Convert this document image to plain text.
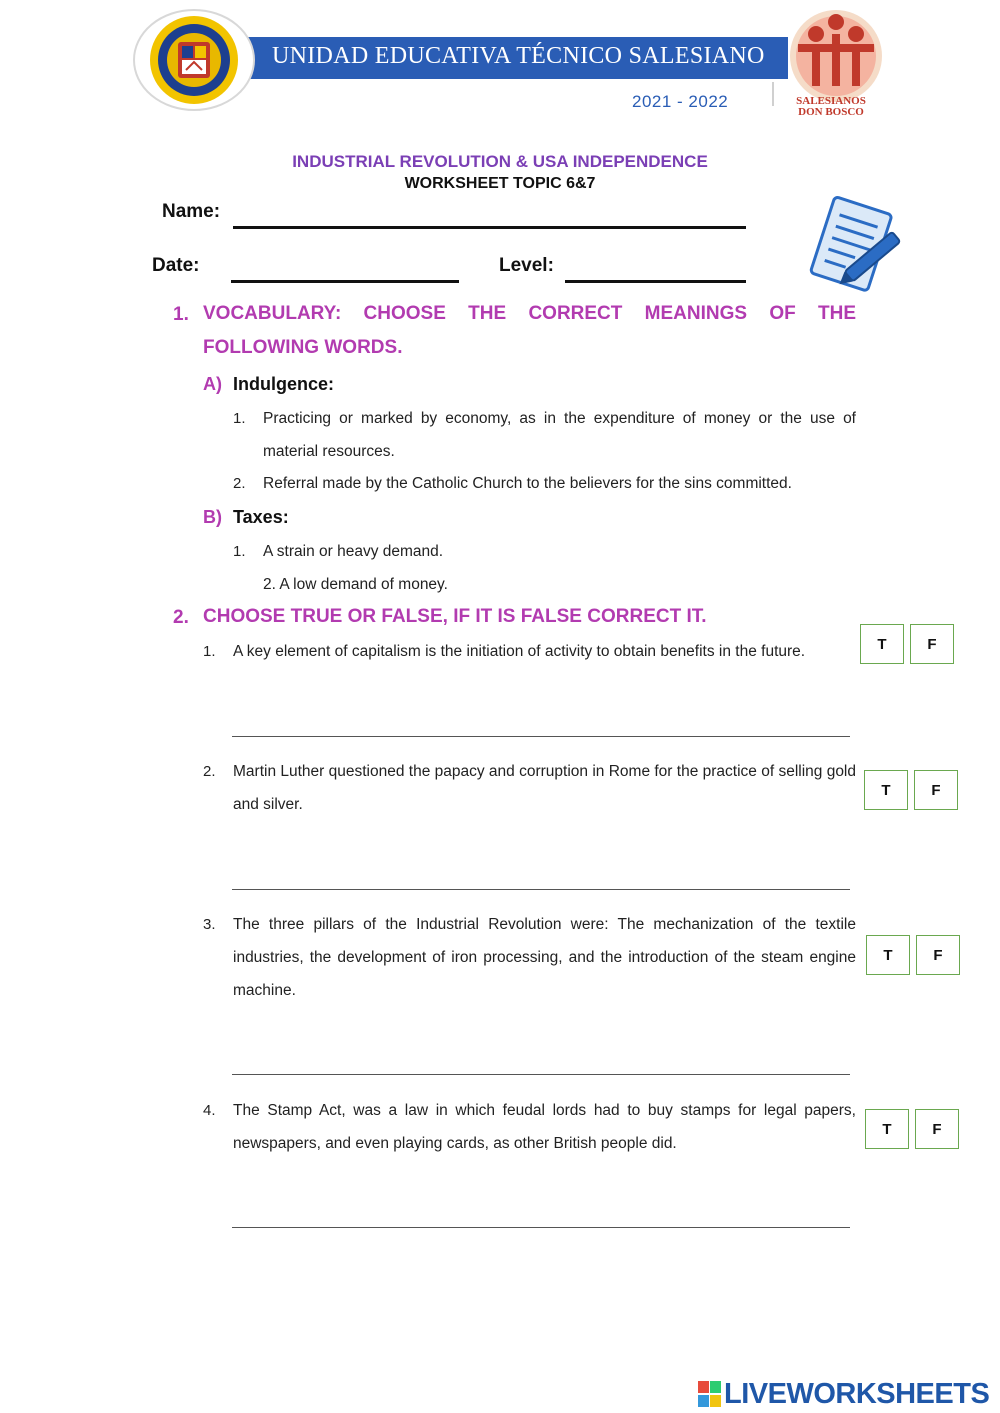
UNIDAD EDUCATIVA TÉCNICO SALESIANO
2021 - 2022	SALESIANOS DON BOSCO
INDUSTRIAL REVOLUTION & USA INDEPENDENCE
WORKSHEET TOPIC 6&7
Name:
Date:	Level:
1. VOCABULARY: CHOOSE THE CORRECT MEANINGS OF THE
FOLLOWING WORDS.
A) Indulgence:
1. Practicing or marked by economy, as in the expenditure of money or the use of material resources.
2. Referral made by the Catholic Church to the believers for the sins committed.
B) Taxes:
1. A strain or heavy demand.
2. A low demand of money.
2. CHOOSE TRUE OR FALSE, IF IT IS FALSE CORRECT IT.
1. A key element of capitalism is the initiation of activity to obtain benefits in the future.	T	F
2. Martin Luther questioned the papacy and corruption in Rome for the practice of selling gold and silver.
T	F
3. The three pillars of the Industrial Revolution were: The mechanization of the textile industries, the development of iron processing, and the introduction of the steam engine machine.
T	F
4. The Stamp Act, was a law in which feudal lords had to buy stamps for legal papers, newspapers, and even playing cards, as other British people did.
T	F
LIVEWORKSHEETS
